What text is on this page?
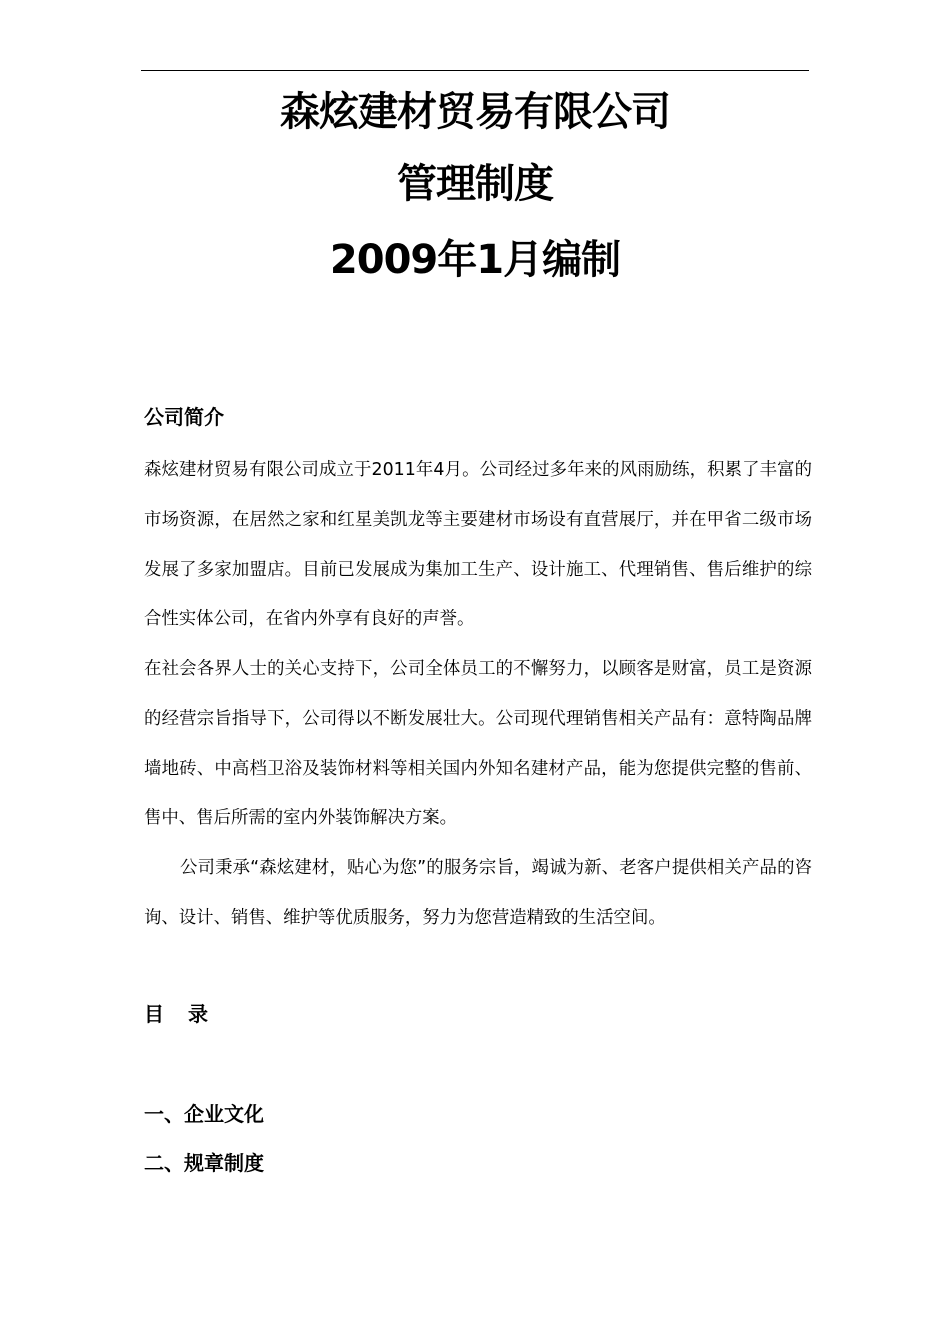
森炫建材贸易有限公司
管理制度
2009年1月编制
公司简介
森炫建材贸易有限公司成立于2011年4月。公司经过多年来的风雨励练，积累了丰富的市场资源，在居然之家和红星美凯龙等主要建材市场设有直营展厅，并在甲省二级市场发展了多家加盟店。目前已发展成为集加工生产、设计施工、代理销售、售后维护的综合性实体公司，在省内外享有良好的声誉。
在社会各界人士的关心支持下，公司全体员工的不懈努力，以顾客是财富，员工是资源的经营宗旨指导下，公司得以不断发展壮大。公司现代理销售相关产品有：意特陶品牌墙地砖、中高档卫浴及装饰材料等相关国内外知名建材产品，能为您提供完整的售前、售中、售后所需的室内外装饰解决方案。
公司秉承“森炫建材，贴心为您”的服务宗旨，竭诚为新、老客户提供相关产品的咨询、设计、销售、维护等优质服务，努力为您营造精致的生活空间。
目 录
一、企业文化
二、规章制度
